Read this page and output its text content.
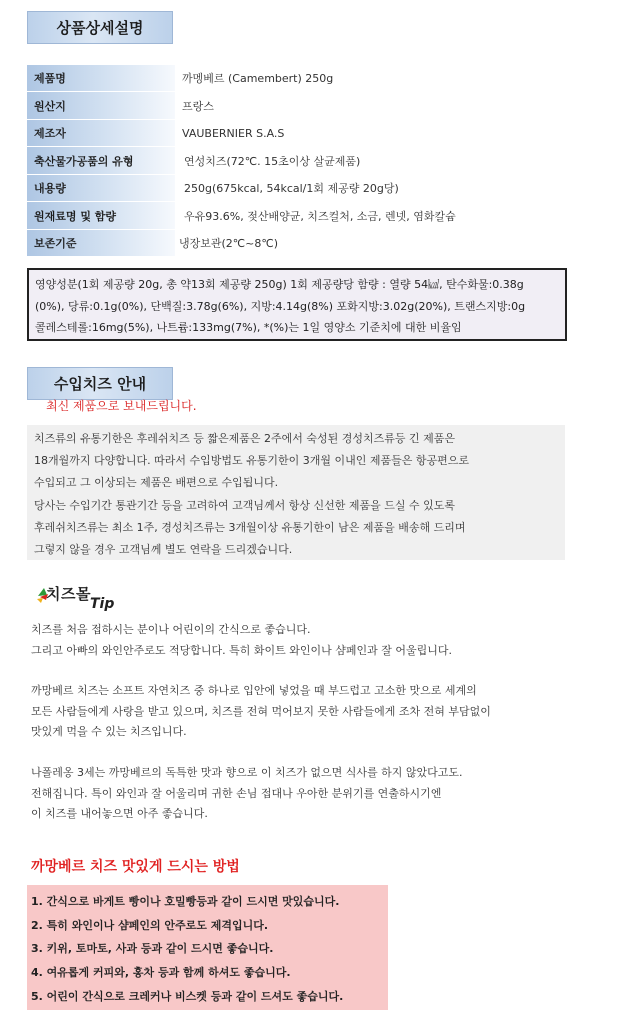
상품상세설명
제품명	까멩베르 (Camembert) 250g
원산지	프랑스
제조자	VAUBERNIER S.A.S
축산물가공품의 유형	연성치즈(72℃. 15초이상 살균제품)
내용량	250g(675kcal, 54kcal/1회 제공량 20g당)
원재료명 및 함량	우유93.6%, 젖산배양균, 치즈컬처, 소금, 렌넷, 염화칼슘
보존기준	냉장보관(2℃~8℃)
영양성분(1회 제공량 20g, 총 약13회 제공량 250g) 1회 제공량당 함량 : 열량 54㎉, 탄수화물:0.38g
(0%), 당류:0.1g(0%), 단백질:3.78g(6%), 지방:4.14g(8%) 포화지방:3.02g(20%), 트랜스지방:0g
콜레스테롤:16mg(5%), 나트륨:133mg(7%), *(%)는 1일 영양소 기준치에 대한 비율임
수입치즈 안내
최신 제품으로 보내드립니다.
치즈류의 유통기한은 후레쉬치즈 등 짧은제품은 2주에서 숙성된 경성치즈류등 긴 제품은
18개월까지 다양합니다. 따라서 수입방법도 유통기한이 3개월 이내인 제품들은 항공편으로
수입되고 그 이상되는 제품은 배편으로 수입됩니다.
당사는 수입기간 통관기간 등을 고려하여 고객님께서 항상 신선한 제품을 드실 수 있도록
후레쉬치즈류는 최소 1주, 경성치즈류는 3개월이상 유통기한이 남은 제품을 배송해 드리며
그렇지 않을 경우 고객님께 별도 연락을 드리겠습니다.
치즈몰
Tip
치즈를 처음 접하시는 분이나 어린이의 간식으로 좋습니다.
그리고 아빠의 와인안주로도 적당합니다. 특히 화이트 와인이나 샴페인과 잘 어울립니다.
까망베르 치즈는 소프트 자연치즈 중 하나로 입안에 넣었을 때 부드럽고 고소한 맛으로 세계의
모든 사람들에게 사랑을 받고 있으며, 치즈를 전혀 먹어보지 못한 사람들에게 조차 전혀 부담없이
맛있게 먹을 수 있는 치즈입니다.
나폴레옹 3세는 까망베르의 독특한 맛과 향으로 이 치즈가 없으면 식사를 하지 않았다고도.
전해집니다. 특이 와인과 잘 어울리며 귀한 손님 접대나 우아한 분위기를 연출하시기엔
이 치즈를 내어놓으면 아주 좋습니다.
까망베르 치즈 맛있게 드시는 방법
1. 간식으로 바게트 빵이나 호밀빵등과 같이 드시면 맛있습니다.
2. 특히 와인이나 샴페인의 안주로도 제격입니다.
3. 키위, 토마토, 사과 등과 같이 드시면 좋습니다.
4. 여유롭게 커피와, 홍차 등과 함께 하셔도 좋습니다.
5. 어린이 간식으로 크레커나 비스켓 등과 같이 드셔도 좋습니다.
